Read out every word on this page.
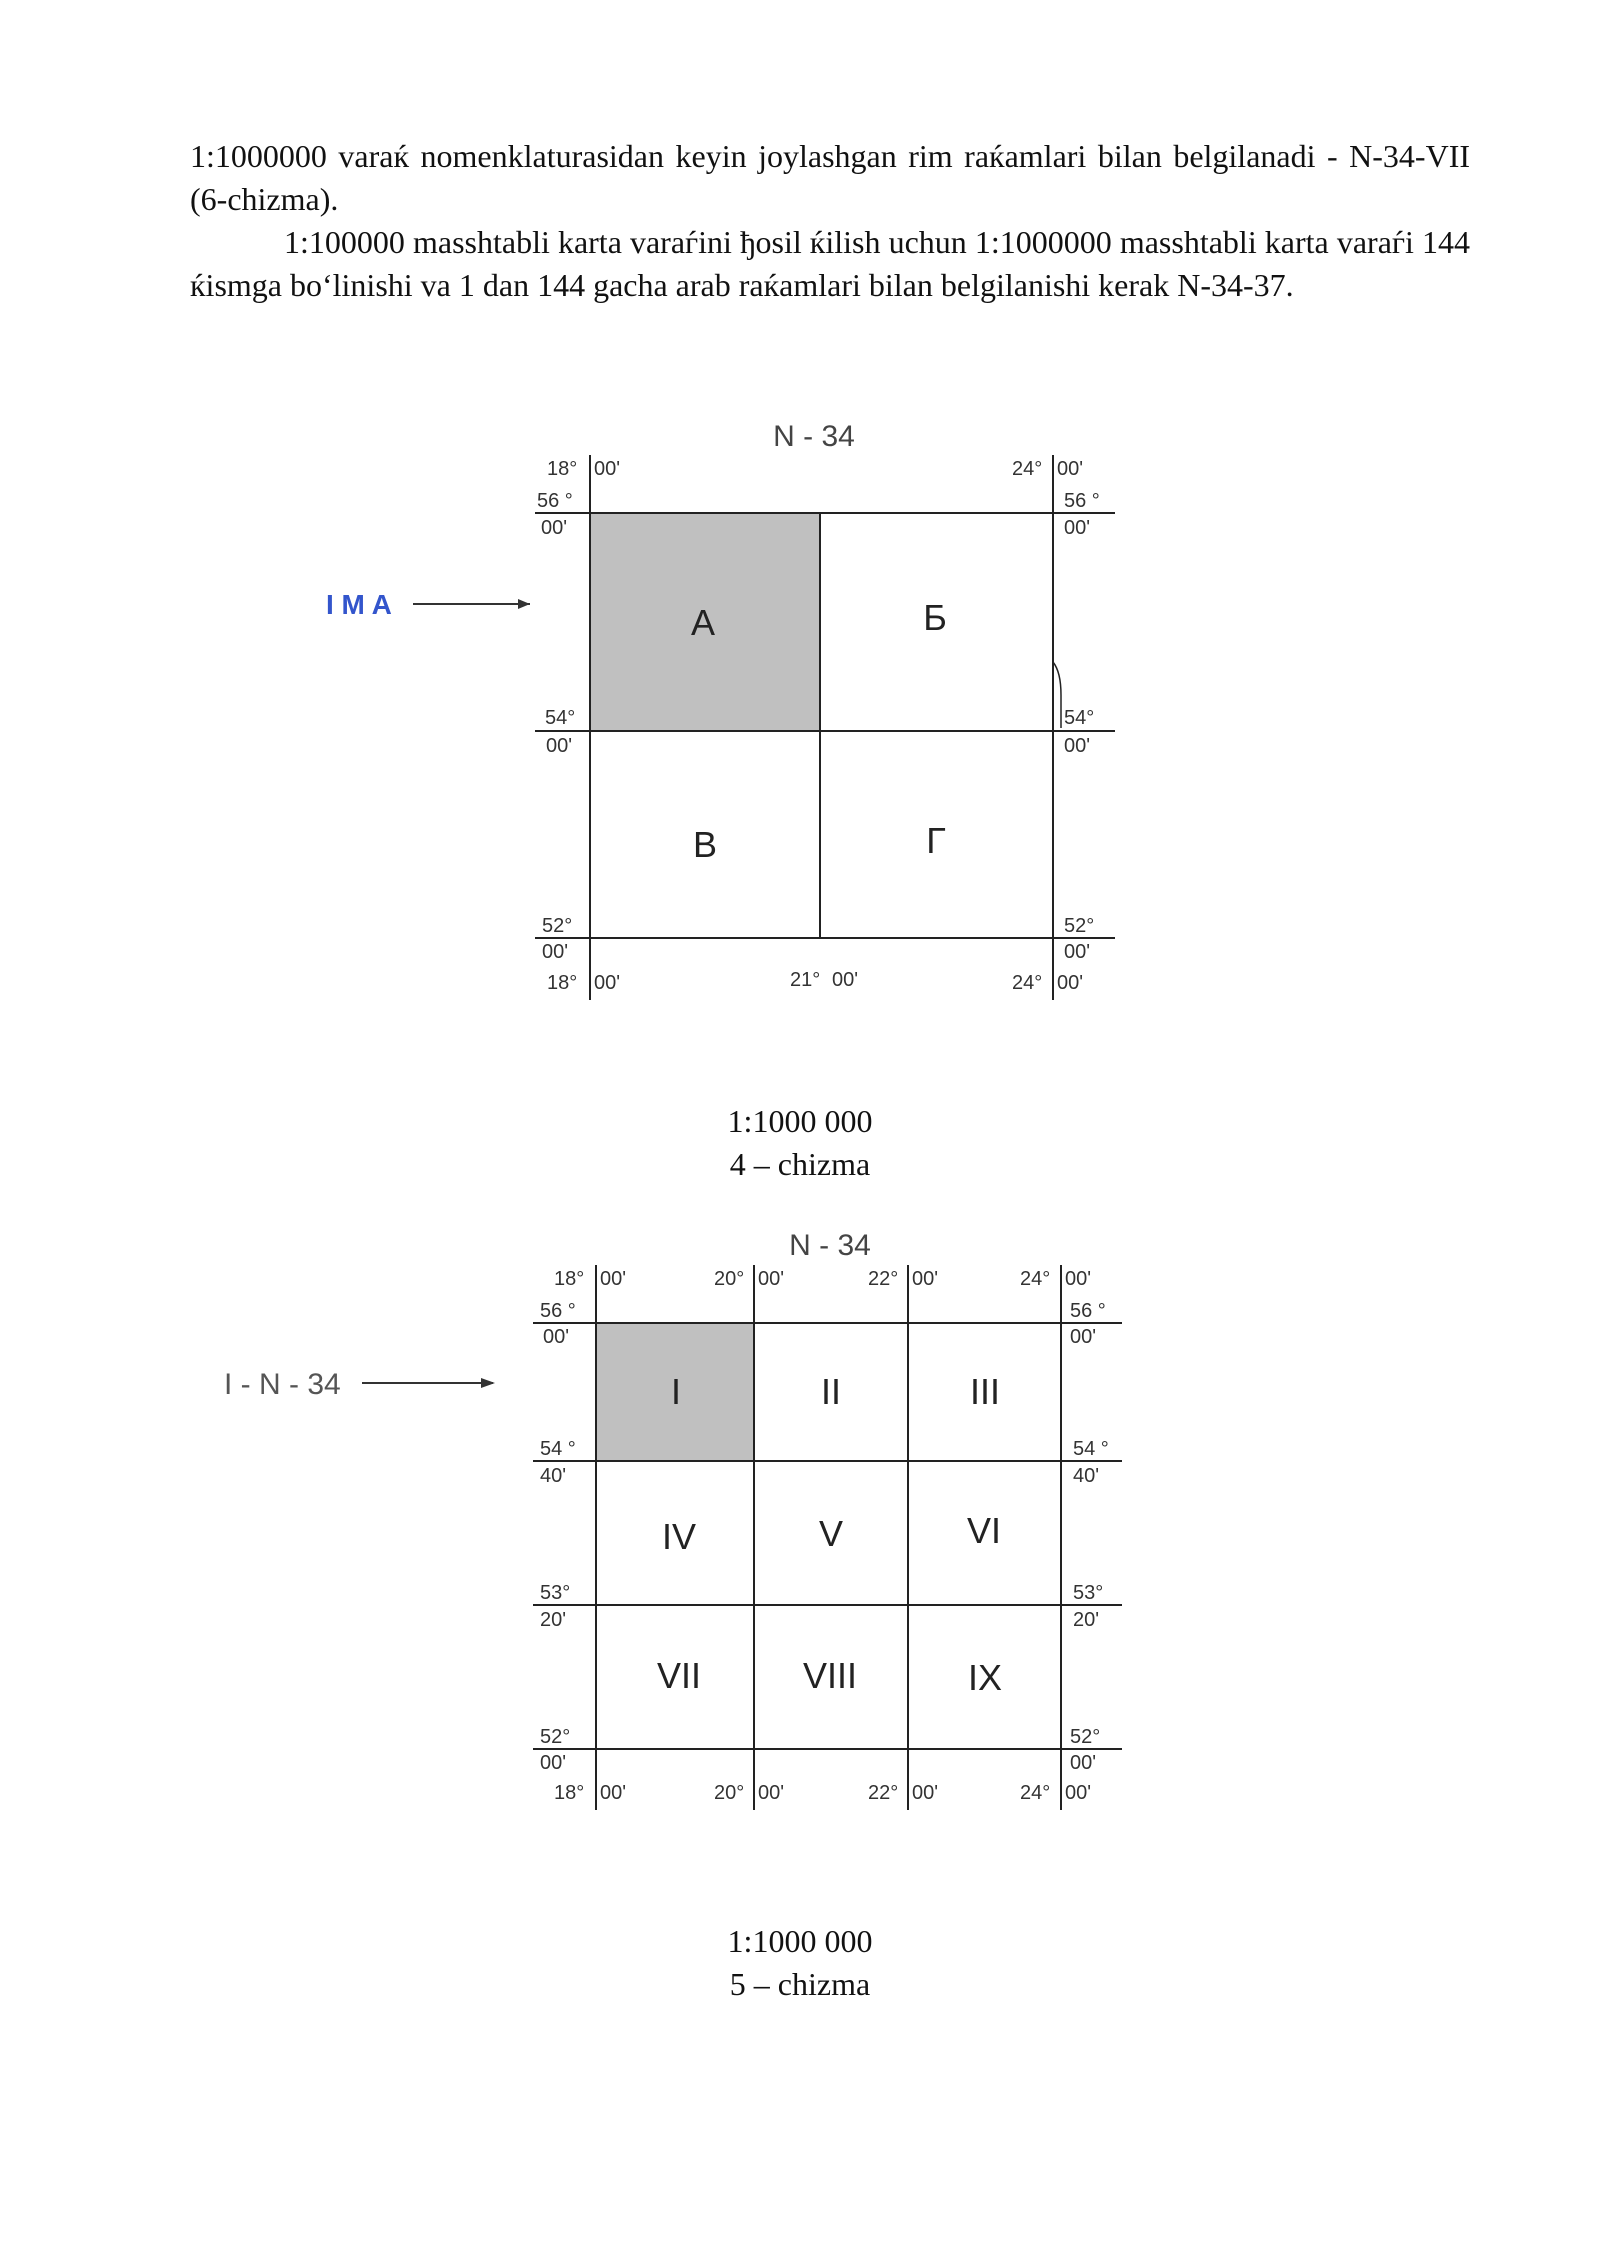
1:1000000 varaќ nomenklaturasidan keyin joylashgan rim raќamlari bilan belgilanadi - N-34-VII (6-chizma).

1:100000 masshtabli karta varaѓini ђosil ќilish uchun 1:1000000 masshtabli karta varaѓi 144 ќismga bo‘linishi va 1 dan 144 gacha arab raќamlari bilan belgilanishi kerak N-34-37.

N - 34
А	Б
В	Г
I M A
18° 00'	24° 00'
56 °
00'
56 °
00'
54°
00'
54°
00'
52°
00'
52°
00'
18° 00'	21° 00'	24° 00'
1:1000 000
4 – chizma
N - 34
I	II	III
IV	V	VI
VII	VIII	IX
I - N - 34
18° 00'	20° 00'	22° 00'	24° 00'
56 °
00'
54 °
40'
53°
20'
52°
00'
56 °
00'
54 °
40'
53°
20'
52°
00'
18° 00'	20° 00'	22° 00'	24° 00'
1:1000 000
5 – chizma
